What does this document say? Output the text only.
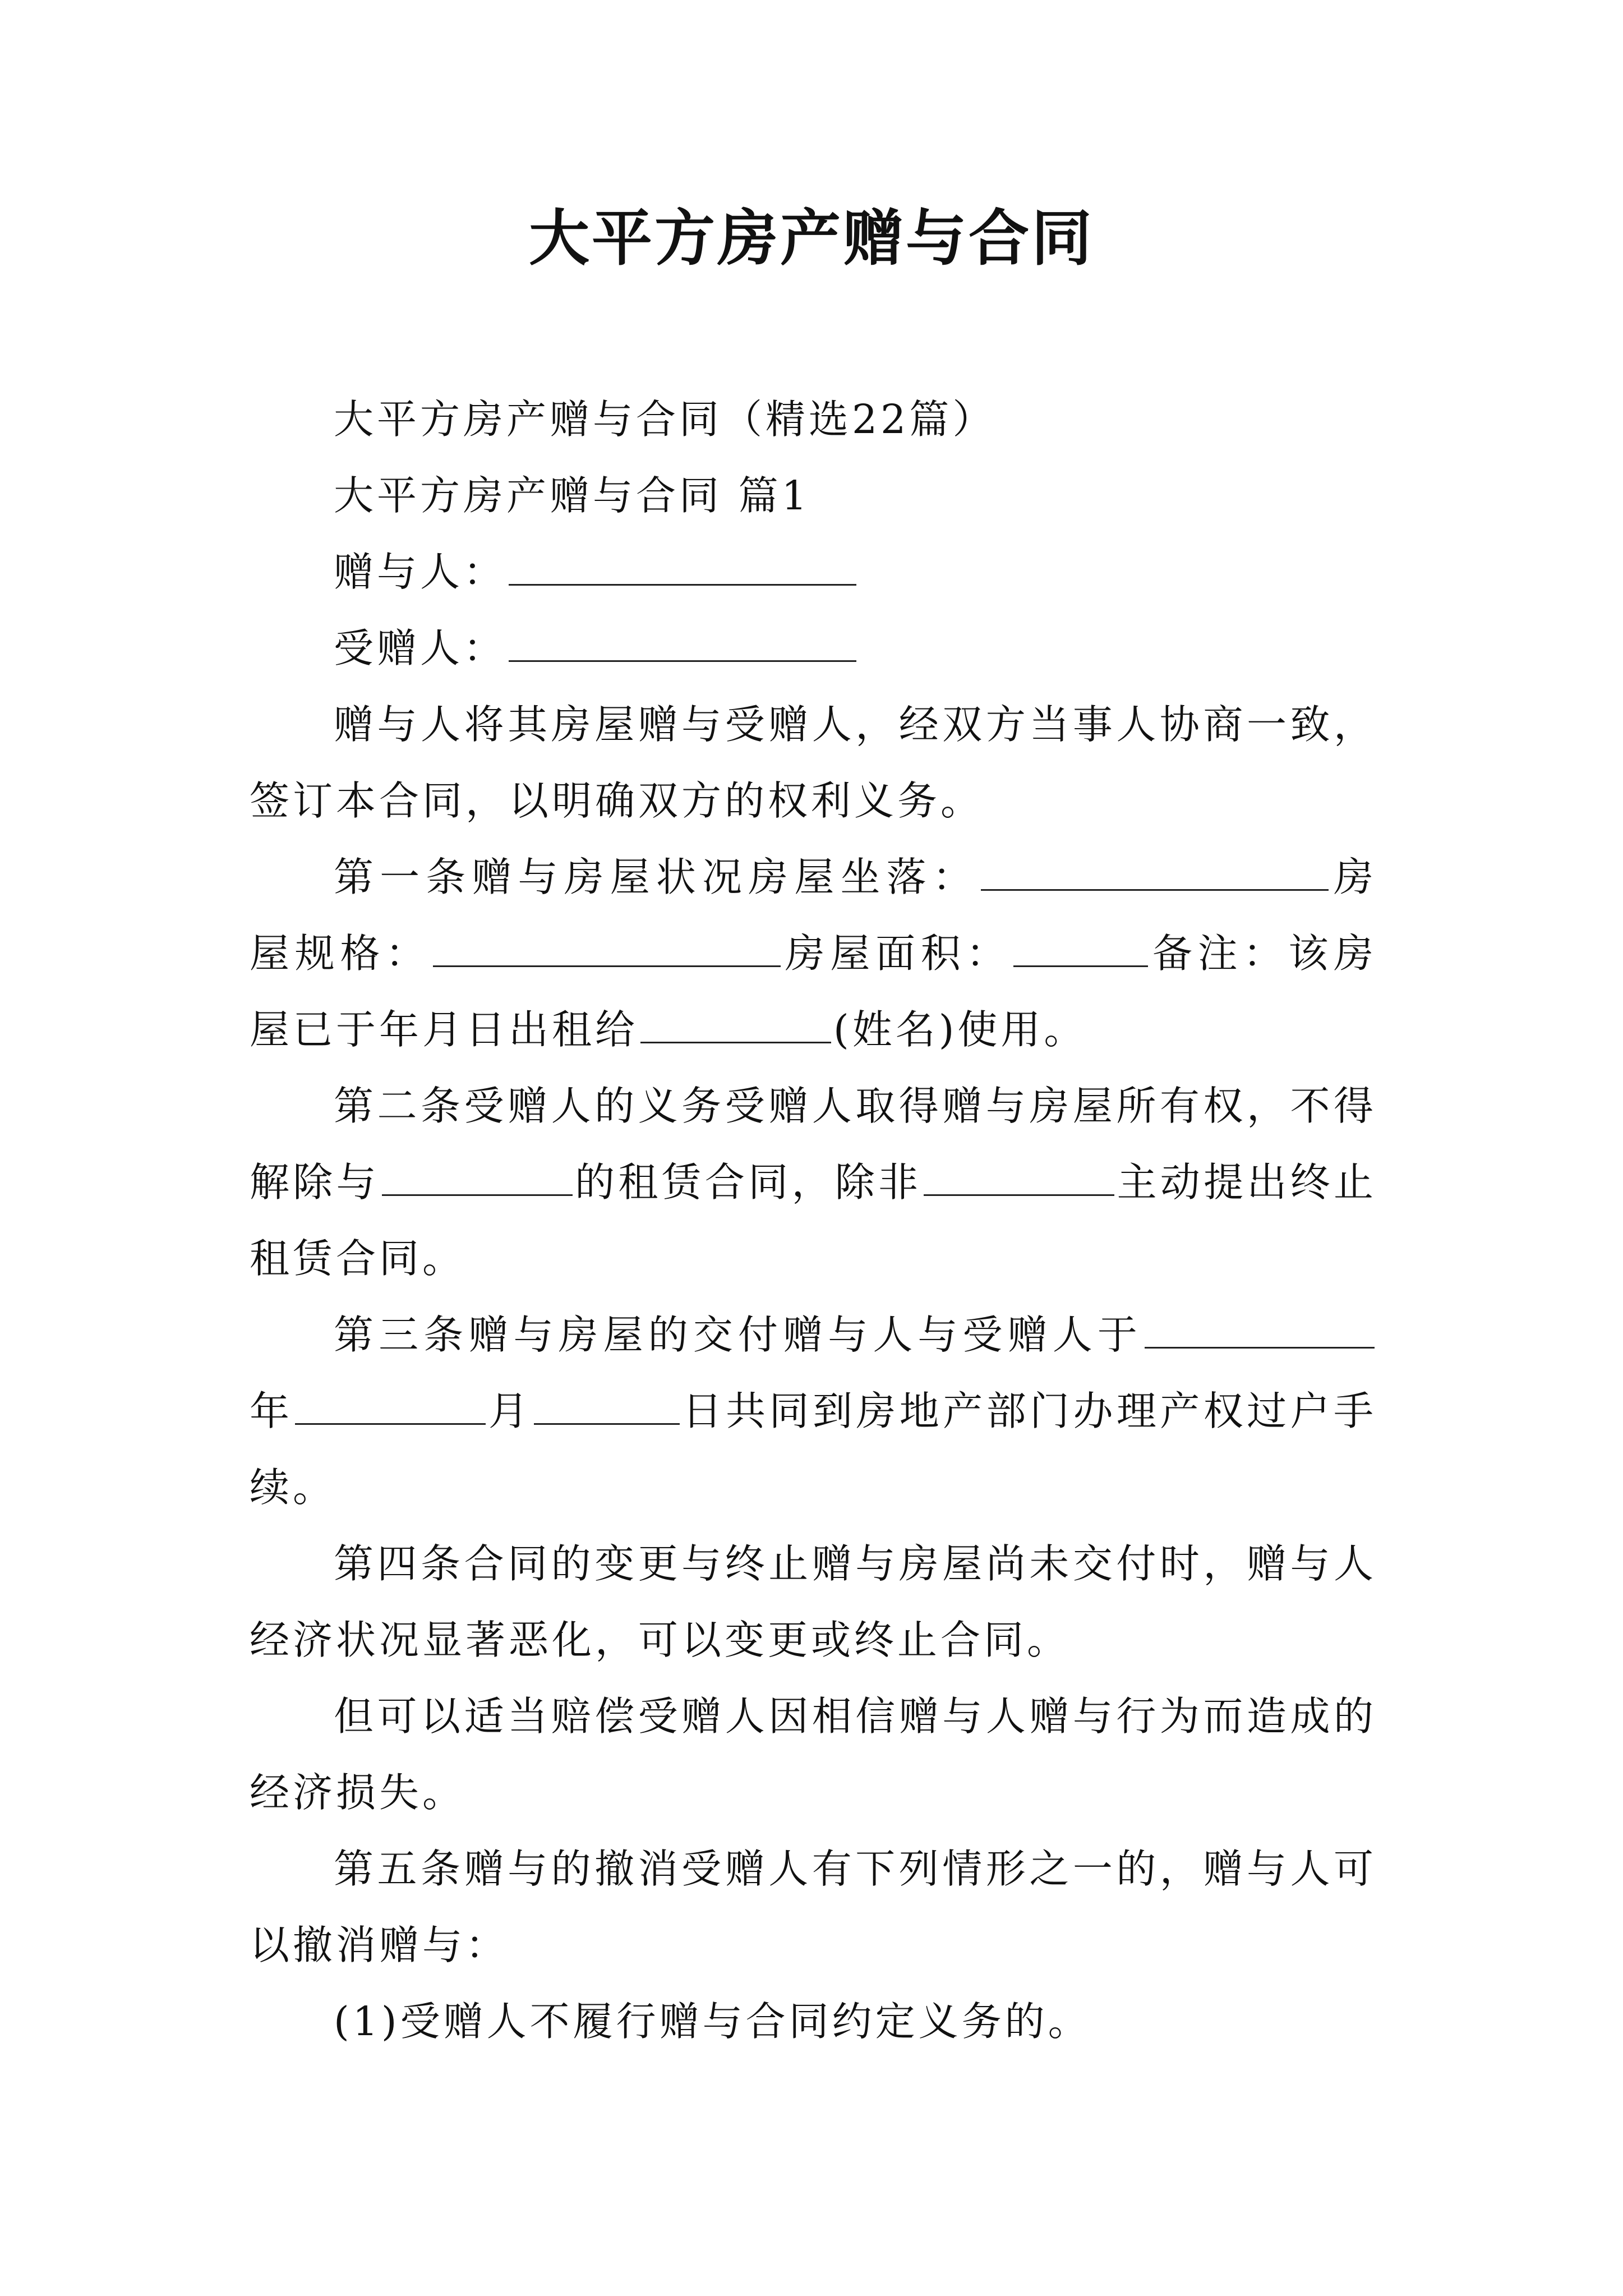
大平方房产赠与合同

大平方房产赠与合同（精选22篇）

大平方房产赠与合同 篇1

赠与人：

受赠人：

赠与人将其房屋赠与受赠人，经双方当事人协商一致，签订本合同，以明确双方的权利义务。

第一条赠与房屋状况房屋坐落：	房屋规格：	房屋面积：	备注：该房屋已于年月日出租给	(姓名)使用。

第二条受赠人的义务受赠人取得赠与房屋所有权，不得解除与	的租赁合同，除非	主动提出终止租赁合同。

第三条赠与房屋的交付赠与人与受赠人于年	月	日共同到房地产部门办理产权过户手续。

第四条合同的变更与终止赠与房屋尚未交付时，赠与人经济状况显著恶化，可以变更或终止合同。

但可以适当赔偿受赠人因相信赠与人赠与行为而造成的经济损失。

第五条赠与的撤消受赠人有下列情形之一的，赠与人可以撤消赠与：

(1)受赠人不履行赠与合同约定义务的。
